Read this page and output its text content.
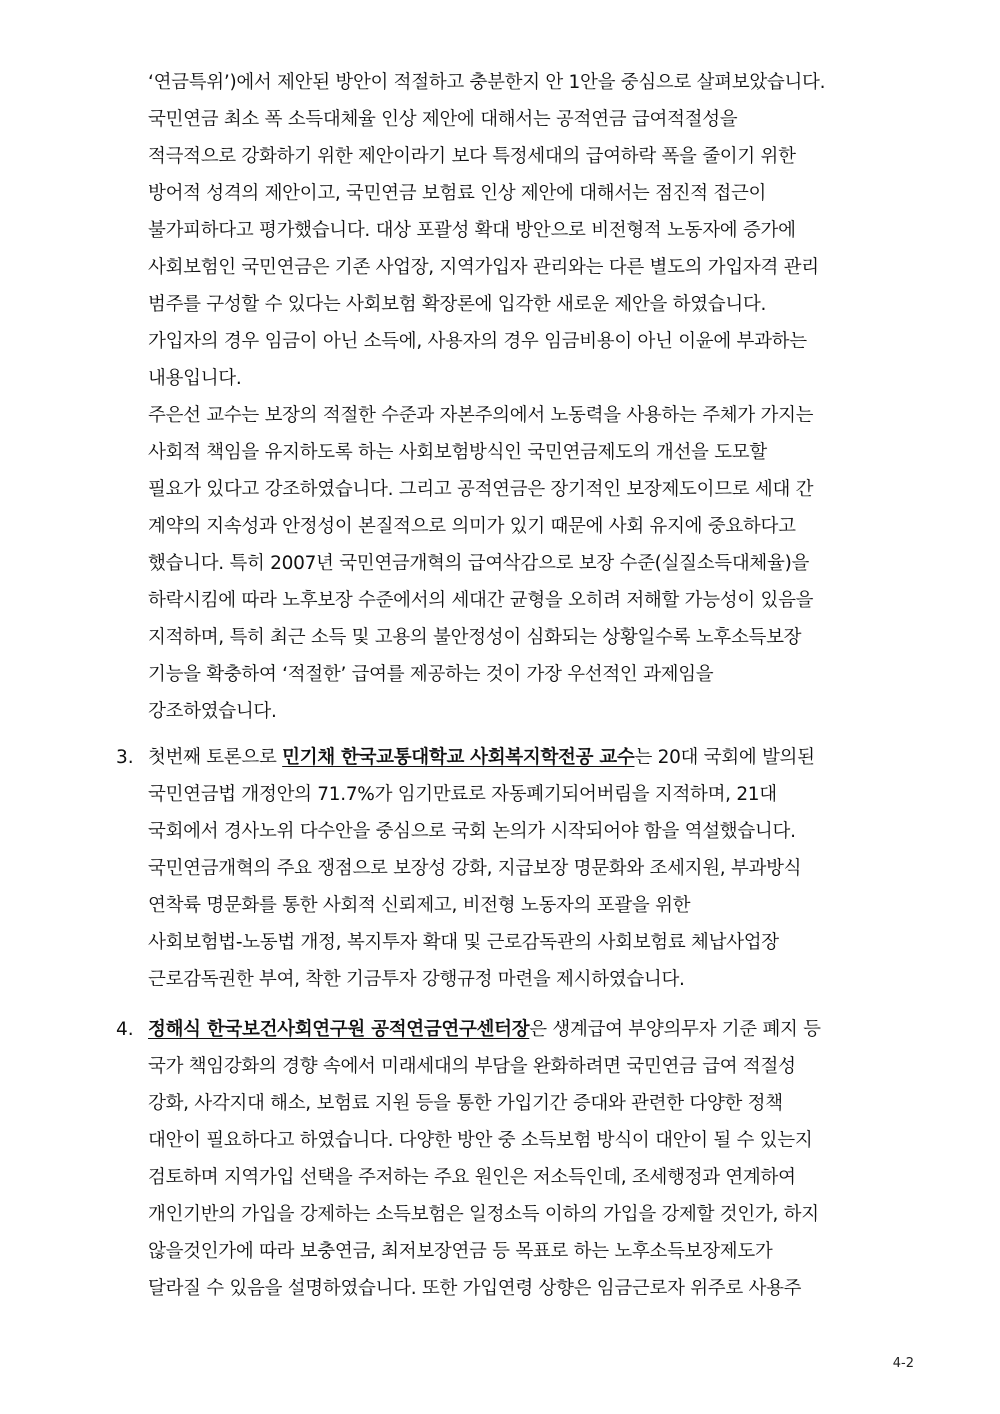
‘연금특위’)에서 제안된 방안이 적절하고 충분한지 안 1안을 중심으로 살펴보았습니다.
국민연금 최소 폭 소득대체율 인상 제안에 대해서는 공적연금 급여적절성을
적극적으로 강화하기 위한 제안이라기 보다 특정세대의 급여하락 폭을 줄이기 위한
방어적 성격의 제안이고, 국민연금 보험료 인상 제안에 대해서는 점진적 접근이
불가피하다고 평가했습니다. 대상 포괄성 확대 방안으로 비전형적 노동자에 증가에
사회보험인 국민연금은 기존 사업장, 지역가입자 관리와는 다른 별도의 가입자격 관리
범주를 구성할 수 있다는 사회보험 확장론에 입각한 새로운 제안을 하였습니다.
가입자의 경우 임금이 아닌 소득에, 사용자의 경우 임금비용이 아닌 이윤에 부과하는
내용입니다.
주은선 교수는 보장의 적절한 수준과 자본주의에서 노동력을 사용하는 주체가 가지는
사회적 책임을 유지하도록 하는 사회보험방식인 국민연금제도의 개선을 도모할
필요가 있다고 강조하였습니다. 그리고 공적연금은 장기적인 보장제도이므로 세대 간
계약의 지속성과 안정성이 본질적으로 의미가 있기 때문에 사회 유지에 중요하다고
했습니다. 특히 2007년 국민연금개혁의 급여삭감으로 보장 수준(실질소득대체율)을
하락시킴에 따라 노후보장 수준에서의 세대간 균형을 오히려 저해할 가능성이 있음을
지적하며, 특히 최근 소득 및 고용의 불안정성이 심화되는 상황일수록 노후소득보장
기능을 확충하여 ‘적절한’ 급여를 제공하는 것이 가장 우선적인 과제임을
강조하였습니다.
3. 첫번째 토론으로 민기채 한국교통대학교 사회복지학전공 교수는 20대 국회에 발의된
국민연금법 개정안의 71.7%가 임기만료로 자동폐기되어버림을 지적하며, 21대
국회에서 경사노위 다수안을 중심으로 국회 논의가 시작되어야 함을 역설했습니다.
국민연금개혁의 주요 쟁점으로 보장성 강화, 지급보장 명문화와 조세지원, 부과방식
연착륙 명문화를 통한 사회적 신뢰제고, 비전형 노동자의 포괄을 위한
사회보험법-노동법 개정, 복지투자 확대 및 근로감독관의 사회보험료 체납사업장
근로감독권한 부여, 착한 기금투자 강행규정 마련을 제시하였습니다.
4. 정해식 한국보건사회연구원 공적연금연구센터장은 생계급여 부양의무자 기준 폐지 등
국가 책임강화의 경향 속에서 미래세대의 부담을 완화하려면 국민연금 급여 적절성
강화, 사각지대 해소, 보험료 지원 등을 통한 가입기간 증대와 관련한 다양한 정책
대안이 필요하다고 하였습니다. 다양한 방안 중 소득보험 방식이 대안이 될 수 있는지
검토하며 지역가입 선택을 주저하는 주요 원인은 저소득인데, 조세행정과 연계하여
개인기반의 가입을 강제하는 소득보험은 일정소득 이하의 가입을 강제할 것인가, 하지
않을것인가에 따라 보충연금, 최저보장연금 등 목표로 하는 노후소득보장제도가
달라질 수 있음을 설명하였습니다. 또한 가입연령 상향은 임금근로자 위주로 사용주
4-2
